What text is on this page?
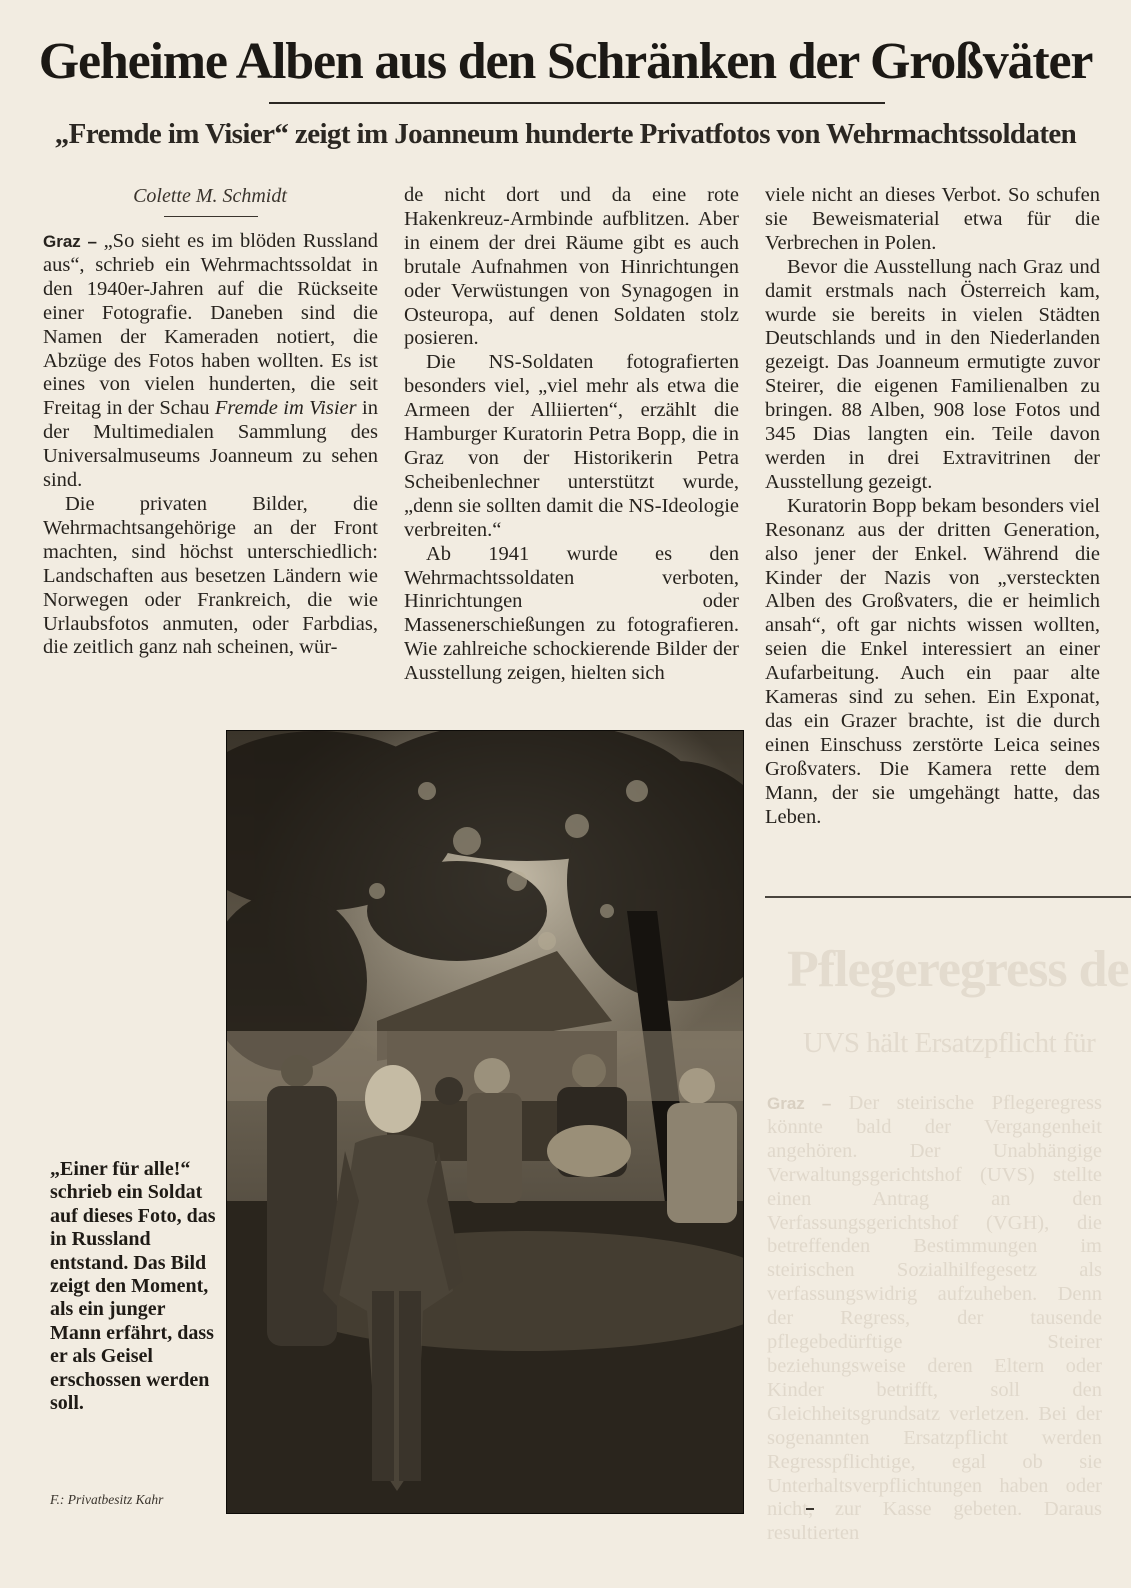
Geheime Alben aus den Schränken der Großväter
„Fremde im Visier“ zeigt im Joanneum hunderte Privatfotos von Wehrmachtssoldaten
Colette M. Schmidt

Graz – „So sieht es im blöden Russland aus“, schrieb ein Wehrmachtssoldat in den 1940er-Jahren auf die Rückseite einer Fotografie. Daneben sind die Namen der Kameraden notiert, die Abzüge des Fotos haben wollten. Es ist eines von vielen hunderten, die seit Freitag in der Schau Fremde im Visier in der Multimedialen Sammlung des Universalmuseums Joanneum zu sehen sind.

Die privaten Bilder, die Wehrmachtsangehörige an der Front machten, sind höchst unterschiedlich: Landschaften aus besetzen Ländern wie Norwegen oder Frankreich, die wie Urlaubsfotos anmuten, oder Farbdias, die zeitlich ganz nah scheinen, wür-

de nicht dort und da eine rote Hakenkreuz-Armbinde aufblitzen. Aber in einem der drei Räume gibt es auch brutale Aufnahmen von Hinrichtungen oder Verwüstungen von Synagogen in Osteuropa, auf denen Soldaten stolz posieren.

Die NS-Soldaten fotografierten besonders viel, „viel mehr als etwa die Armeen der Alliierten“, erzählt die Hamburger Kuratorin Petra Bopp, die in Graz von der Historikerin Petra Scheibenlechner unterstützt wurde, „denn sie sollten damit die NS-Ideologie verbreiten.“

Ab 1941 wurde es den Wehrmachtssoldaten verboten, Hinrichtungen oder Massenerschießungen zu fotografieren. Wie zahlreiche schockierende Bilder der Ausstellung zeigen, hielten sich

viele nicht an dieses Verbot. So schufen sie Beweismaterial etwa für die Verbrechen in Polen.

Bevor die Ausstellung nach Graz und damit erstmals nach Österreich kam, wurde sie bereits in vielen Städten Deutschlands und in den Niederlanden gezeigt. Das Joanneum ermutigte zuvor Steirer, die eigenen Familienalben zu bringen. 88 Alben, 908 lose Fotos und 345 Dias langten ein. Teile davon werden in drei Extravitrinen der Ausstellung gezeigt.

Kuratorin Bopp bekam besonders viel Resonanz aus der dritten Generation, also jener der Enkel. Während die Kinder der Nazis von „versteckten Alben des Großvaters, die er heimlich ansah“, oft gar nichts wissen wollten, seien die Enkel interessiert an einer Aufarbeitung. Auch ein paar alte Kameras sind zu sehen. Ein Exponat, das ein Grazer brachte, ist die durch einen Einschuss zerstörte Leica seines Großvaters. Die Kamera rette dem Mann, der sie umgehängt hatte, das Leben.

„Einer für alle!“ schrieb ein Soldat auf dieses Foto, das in Russland entstand. Das Bild zeigt den Moment, als ein junger Mann erfährt, dass er als Geisel erschossen werden soll.
F.: Privatbesitz Kahr
Pflegeregress de
UVS hält Ersatzpflicht für

Graz – Der steirische Pflegeregress könnte bald der Vergangenheit angehören. Der Unabhängige Verwaltungsgerichtshof (UVS) stellte einen Antrag an den Verfassungsgerichtshof (VGH), die betreffenden Bestimmungen im steirischen Sozialhilfegesetz als verfassungswidrig aufzuheben. Denn der Regress, der tausende pflegebedürftige Steirer beziehungsweise deren Eltern oder Kinder betrifft, soll den Gleichheitsgrundsatz verletzen. Bei der sogenannten Ersatzpflicht werden Regresspflichtige, egal ob sie Unterhaltsverpflichtungen haben oder nicht, zur Kasse gebeten. Daraus resultierten
